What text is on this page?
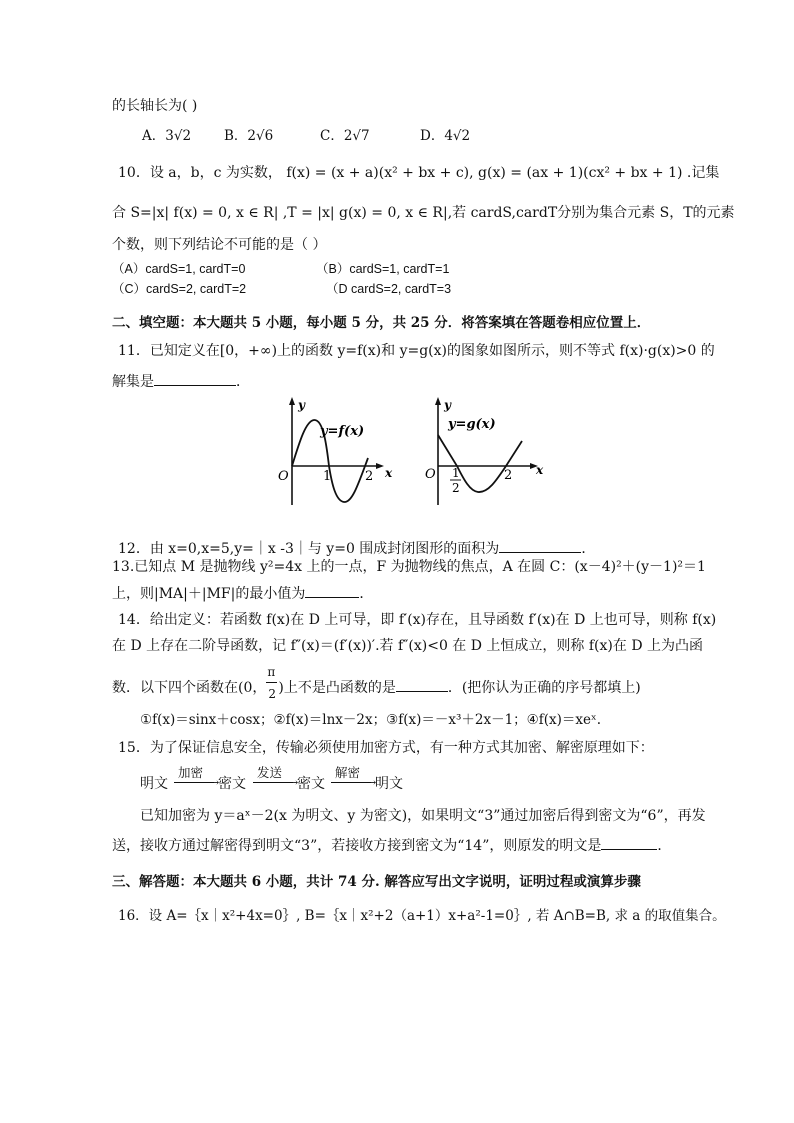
的长轴长为( )
A．3√2 B．2√6	C．2√7	D．4√2
10．设 a，b，c 为实数， f(x) = (x + a)(x² + bx + c), g(x) = (ax + 1)(cx² + bx + 1) .记集
合 S=|x| f(x) = 0, x ∈ R| ,T = |x| g(x) = 0, x ∈ R|,若 cardS,cardT分别为集合元素 S，T的元素
个数，则下列结论不可能的是（ ）
（A）cardS=1, cardT=0	（B）cardS=1, cardT=1
（C）cardS=2, cardT=2	（D cardS=2, cardT=3
二、填空题：本大题共 5 小题，每小题 5 分，共 25 分．将答案填在答题卷相应位置上．
11．已知定义在[0，+∞)上的函数 y=f(x)和 y=g(x)的图象如图所示，则不等式 f(x)·g(x)>0 的
解集是	．
y
y=f(x)
O	1	2 x
y
y=g(x)
O 1
2
2 x
12．由 x=0,x=5,y=｜x -3｜与 y=0 围成封闭图形的面积为	．
13.已知点 M 是抛物线 y²=4x 上的一点，F 为抛物线的焦点，A 在圆 C：(x－4)²＋(y－1)²＝1
上，则|MA|＋|MF|的最小值为	．
14．给出定义：若函数 f(x)在 D 上可导，即 f′(x)存在，且导函数 f′(x)在 D 上也可导，则称 f(x)
在 D 上存在二阶导函数，记 f″(x)＝(f′(x))′.若 f″(x)<0 在 D 上恒成立，则称 f(x)在 D 上为凸函
数．以下四个函数在(0， $\frac{\pi}{2}$ )上不是凸函数的是	．(把你认为正确的序号都填上)
①f(x)＝sinx＋cosx；②f(x)＝lnx－2x；③f(x)＝－x³＋2x－1；④f(x)＝xeˣ.
15．为了保证信息安全，传输必须使用加密方式，有一种方式其加密、解密原理如下：
明文
加密
→
密文
发送
→
密文
解密
→
明文
已知加密为 y＝aˣ－2(x 为明文、y 为密文)，如果明文“3”通过加密后得到密文为“6”，再发
送，接收方通过解密得到明文“3”，若接收方接到密文为“14”，则原发的明文是	．
三、解答题：本大题共 6 小题，共计 74 分. 解答应写出文字说明，证明过程或演算步骤
16．设 A=｛x｜x²+4x=0｝, B=｛x｜x²+2（a+1）x+a²-1=0｝, 若 A∩B=B, 求 a 的取值集合。
